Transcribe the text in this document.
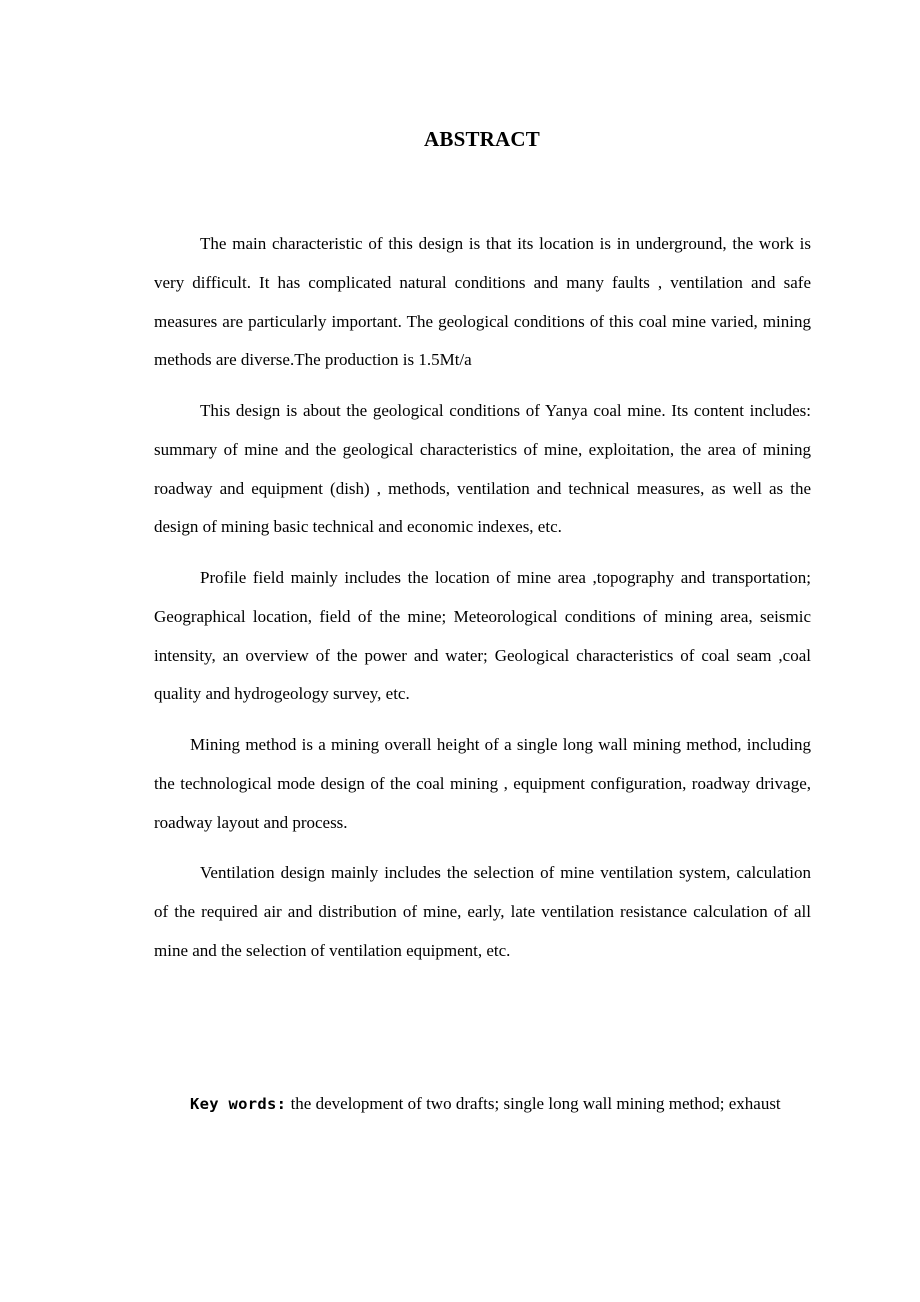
ABSTRACT

The main characteristic of this design is that its location is in underground, the work is very difficult. It has complicated natural conditions and many faults , ventilation and safe measures are particularly important. The geological conditions of this coal mine varied, mining methods are diverse.The production is 1.5Mt/a

This design is about the geological conditions of Yanya coal mine. Its content includes: summary of mine and the geological characteristics of mine, exploitation, the area of mining roadway and equipment (dish) , methods, ventilation and technical measures, as well as the design of mining basic technical and economic indexes, etc.

Profile field mainly includes the location of mine area ,topography and transportation; Geographical location, field of the mine; Meteorological conditions of mining area, seismic intensity, an overview of the power and water; Geological characteristics of coal seam ,coal quality and hydrogeology survey, etc.

Mining method is a mining overall height of a single long wall mining method, including the technological mode design of the coal mining , equipment configuration, roadway drivage, roadway layout and process.

Ventilation design mainly includes the selection of mine ventilation system, calculation of the required air and distribution of mine, early, late ventilation resistance calculation of all mine and the selection of ventilation equipment, etc.

Key words: the development of two drafts; single long wall mining method; exhaust
